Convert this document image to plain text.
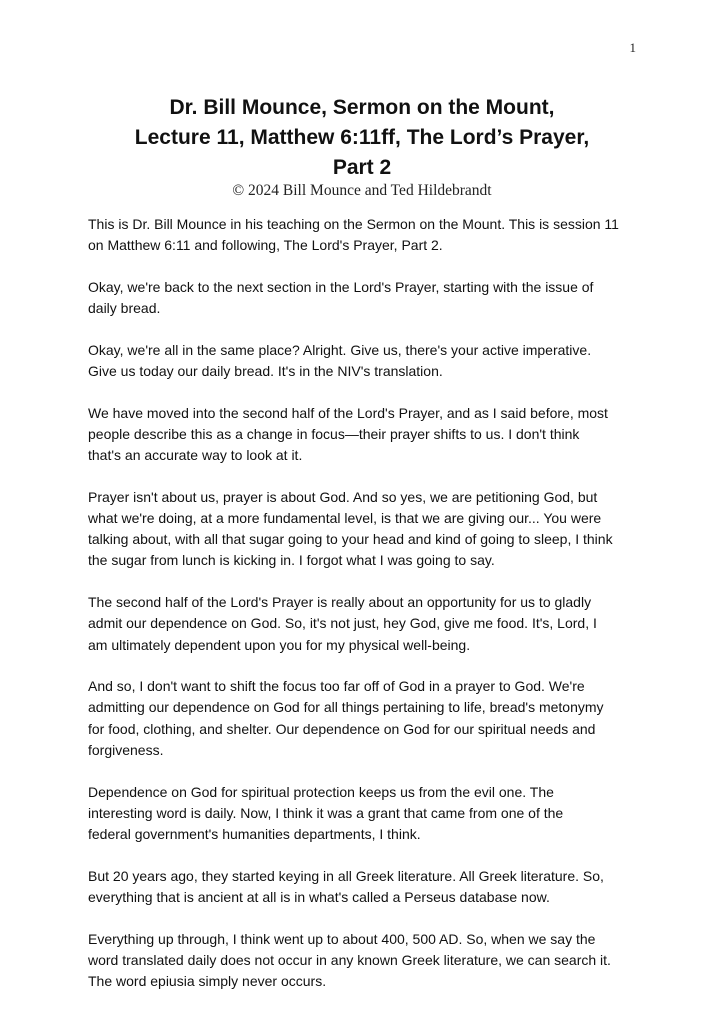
1
Dr. Bill Mounce, Sermon on the Mount,
Lecture 11, Matthew 6:11ff, The Lord’s Prayer,
Part 2
© 2024 Bill Mounce and Ted Hildebrandt

This is Dr. Bill Mounce in his teaching on the Sermon on the Mount. This is session 11
on Matthew 6:11 and following, The Lord's Prayer, Part 2.

Okay, we're back to the next section in the Lord's Prayer, starting with the issue of
daily bread.

Okay, we're all in the same place? Alright. Give us, there's your active imperative.
Give us today our daily bread. It's in the NIV's translation.

We have moved into the second half of the Lord's Prayer, and as I said before, most
people describe this as a change in focus—their prayer shifts to us. I don't think
that's an accurate way to look at it.

Prayer isn't about us, prayer is about God. And so yes, we are petitioning God, but
what we're doing, at a more fundamental level, is that we are giving our... You were
talking about, with all that sugar going to your head and kind of going to sleep, I think
the sugar from lunch is kicking in. I forgot what I was going to say.

The second half of the Lord's Prayer is really about an opportunity for us to gladly
admit our dependence on God. So, it's not just, hey God, give me food. It's, Lord, I
am ultimately dependent upon you for my physical well-being.

And so, I don't want to shift the focus too far off of God in a prayer to God. We're
admitting our dependence on God for all things pertaining to life, bread's metonymy
for food, clothing, and shelter. Our dependence on God for our spiritual needs and
forgiveness.

Dependence on God for spiritual protection keeps us from the evil one. The
interesting word is daily. Now, I think it was a grant that came from one of the
federal government's humanities departments, I think.

But 20 years ago, they started keying in all Greek literature. All Greek literature. So,
everything that is ancient at all is in what's called a Perseus database now.

Everything up through, I think went up to about 400, 500 AD. So, when we say the
word translated daily does not occur in any known Greek literature, we can search it.
The word epiusia simply never occurs.
